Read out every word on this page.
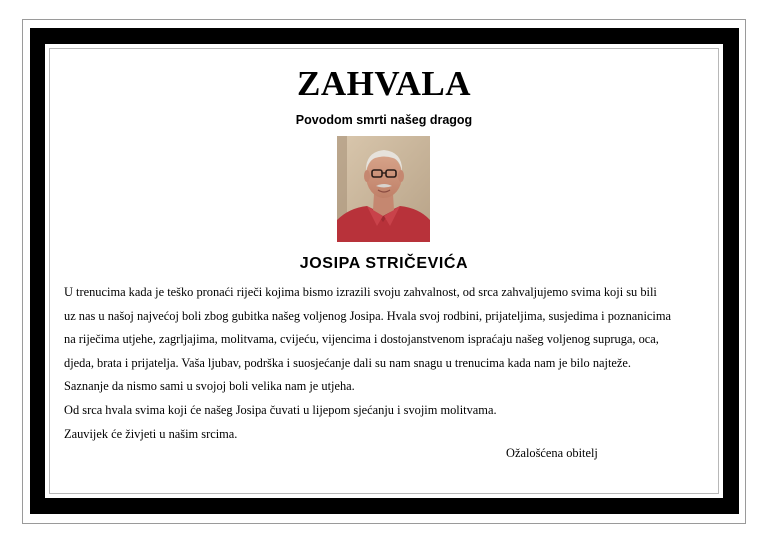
ZAHVALA
Povodom smrti našeg dragog
JOSIPA STRIČEVIĆA
U trenucima kada je teško pronaći riječi kojima bismo izrazili svoju zahvalnost, od srca zahvaljujemo svima koji su bili
uz nas u našoj najvećoj boli zbog gubitka našeg voljenog Josipa. Hvala svoj rodbini, prijateljima, susjedima i poznanicima
na riječima utjehe, zagrljajima, molitvama, cvijeću, vijencima i dostojanstvenom ispraćaju našeg voljenog supruga, oca,
djeda, brata i prijatelja. Vaša ljubav, podrška i suosjećanje dali su nam snagu u trenucima kada nam je bilo najteže.
Saznanje da nismo sami u svojoj boli velika nam je utjeha.
Od srca hvala svima koji će našeg Josipa čuvati u lijepom sjećanju i svojim molitvama.
Zauvijek će živjeti u našim srcima.
Ožalošćena obitelj
